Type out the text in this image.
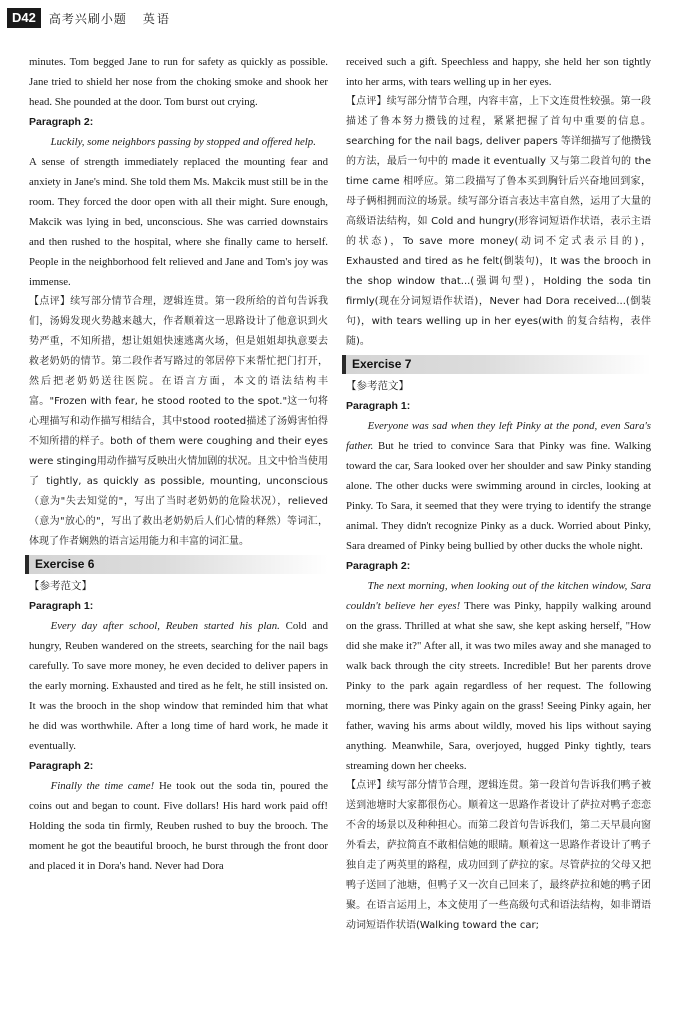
D42	高考兴刷小题 英语

minutes. Tom begged Jane to run for safety as quickly as possible. Jane tried to shield her nose from the choking smoke and shook her head. She pounded at the door. Tom burst out crying.

Paragraph 2:

Luckily, some neighbors passing by stopped and offered help.

A sense of strength immediately replaced the mounting fear and anxiety in Jane's mind. She told them Ms. Makcik must still be in the room. They forced the door open with all their might. Sure enough, Makcik was lying in bed, unconscious. She was carried downstairs and then rushed to the hospital, where she finally came to herself. People in the neighborhood felt relieved and Jane and Tom's joy was immense.

【点评】续写部分情节合理，逻辑连贯。第一段所给的首句告诉我们，汤姆发现火势越来越大，作者顺着这一思路设计了他意识到火势严重，不知所措，想让姐姐快速逃离火场，但是姐姐却执意要去救老奶奶的情节。第二段作者写路过的邻居停下来帮忙把门打开，然后把老奶奶送往医院。在语言方面，本文的语法结构丰富。"Frozen with fear, he stood rooted to the spot."这一句将心理描写和动作描写相结合，其中stood rooted描述了汤姆害怕得不知所措的样子。both of them were coughing and their eyes were stinging用动作描写反映出火情加剧的状况。且文中恰当使用了 tightly, as quickly as possible, mounting, unconscious（意为"失去知觉的"，写出了当时老奶奶的危险状况），relieved（意为"放心的"，写出了救出老奶奶后人们心情的释然）等词汇，体现了作者娴熟的语言运用能力和丰富的词汇量。

Exercise 6

【参考范文】

Paragraph 1:

Every day after school, Reuben started his plan. Cold and hungry, Reuben wandered on the streets, searching for the nail bags carefully. To save more money, he even decided to deliver papers in the early morning. Exhausted and tired as he felt, he still insisted on. It was the brooch in the shop window that reminded him that what he did was worthwhile. After a long time of hard work, he made it eventually.

Paragraph 2:

Finally the time came! He took out the soda tin, poured the coins out and began to count. Five dollars! His hard work paid off! Holding the soda tin firmly, Reuben rushed to buy the brooch. The moment he got the beautiful brooch, he burst through the front door and placed it in Dora's hand. Never had Dora

received such a gift. Speechless and happy, she held her son tightly into her arms, with tears welling up in her eyes.

【点评】续写部分情节合理，内容丰富，上下文连贯性较强。第一段描述了鲁本努力攒钱的过程，紧紧把握了首句中重要的信息。searching for the nail bags, deliver papers 等详细描写了他攒钱的方法，最后一句中的 made it eventually 又与第二段首句的 the time came 相呼应。第二段描写了鲁本买到胸针后兴奋地回到家，母子俩相拥而泣的场景。续写部分语言表达丰富自然，运用了大量的高级语法结构，如 Cold and hungry(形容词短语作状语，表示主语的状态)，To save more money(动词不定式表示目的)，Exhausted and tired as he felt(倒装句)，It was the brooch in the shop window that...(强调句型)，Holding the soda tin firmly(现在分词短语作状语)，Never had Dora received...(倒装句)，with tears welling up in her eyes(with 的复合结构，表伴随)。

Exercise 7

【参考范文】

Paragraph 1:

Everyone was sad when they left Pinky at the pond, even Sara's father. But he tried to convince Sara that Pinky was fine. Walking toward the car, Sara looked over her shoulder and saw Pinky standing alone. The other ducks were swimming around in circles, looking at Pinky. To Sara, it seemed that they were trying to identify the strange animal. They didn't recognize Pinky as a duck. Worried about Pinky, Sara dreamed of Pinky being bullied by other ducks the whole night.

Paragraph 2:

The next morning, when looking out of the kitchen window, Sara couldn't believe her eyes! There was Pinky, happily walking around on the grass. Thrilled at what she saw, she kept asking herself, "How did she make it?" After all, it was two miles away and she managed to walk back through the city streets. Incredible! But her parents drove Pinky to the park again regardless of her request. The following morning, there was Pinky again on the grass! Seeing Pinky again, her father, waving his arms about wildly, moved his lips without saying anything. Meanwhile, Sara, overjoyed, hugged Pinky tightly, tears streaming down her cheeks.

【点评】续写部分情节合理，逻辑连贯。第一段首句告诉我们鸭子被送到池塘时大家都很伤心。顺着这一思路作者设计了萨拉对鸭子恋恋不舍的场景以及种种担心。而第二段首句告诉我们，第二天早晨向窗外看去，萨拉简直不敢相信她的眼睛。顺着这一思路作者设计了鸭子独自走了两英里的路程，成功回到了萨拉的家。尽管萨拉的父母又把鸭子送回了池塘，但鸭子又一次自己回来了，最终萨拉和她的鸭子团聚。在语言运用上，本文使用了一些高级句式和语法结构，如非谓语动词短语作状语(Walking toward the car;
